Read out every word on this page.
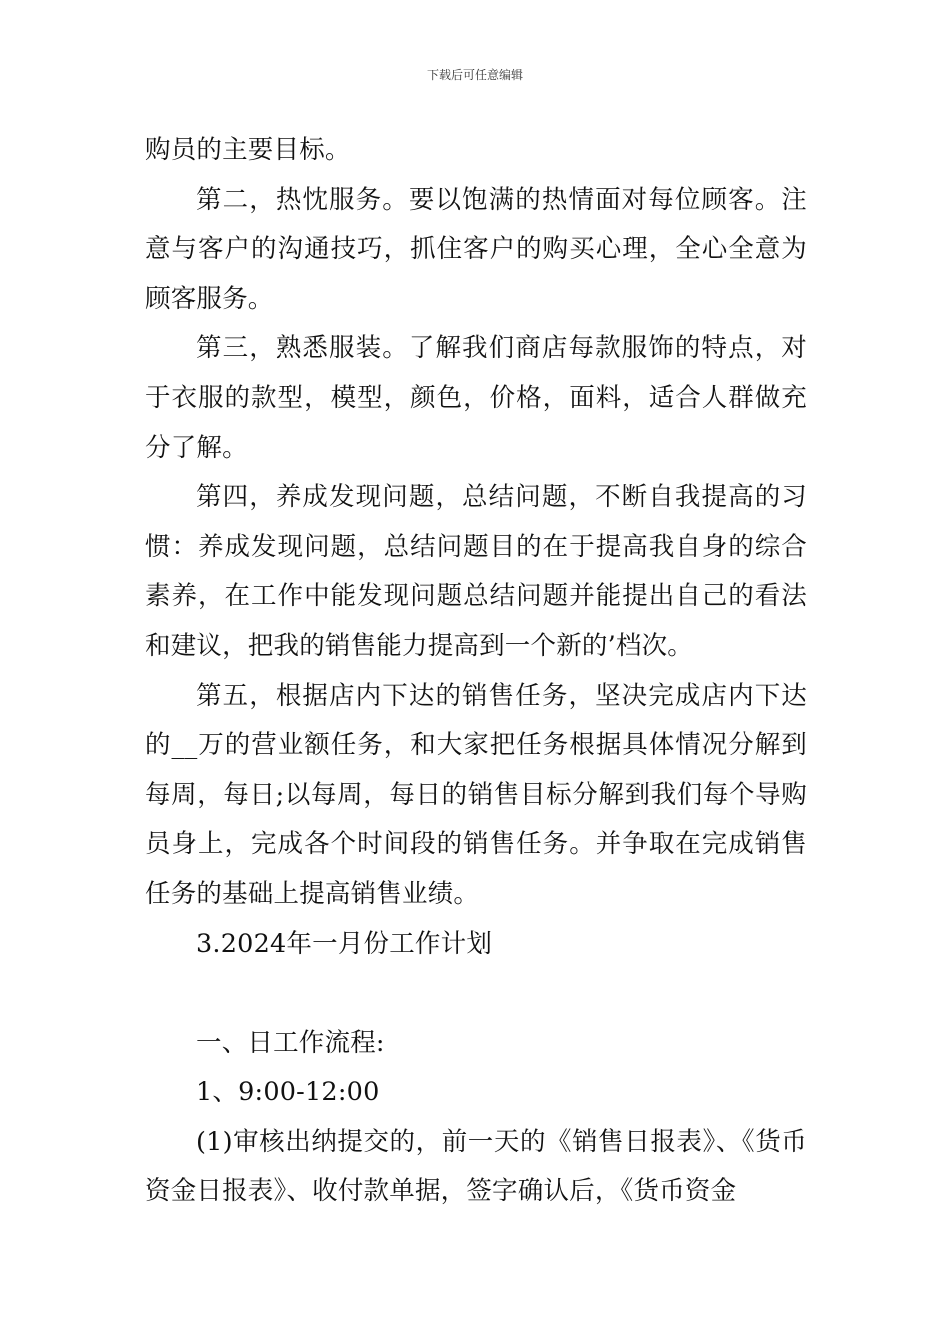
下载后可任意编辑

购员的主要目标。

第二，热忱服务。要以饱满的热情面对每位顾客。注意与客户的沟通技巧，抓住客户的购买心理，全心全意为顾客服务。

第三，熟悉服装。了解我们商店每款服饰的特点，对于衣服的款型，模型，颜色，价格，面料，适合人群做充分了解。

第四，养成发现问题，总结问题，不断自我提高的习惯：养成发现问题，总结问题目的在于提高我自身的综合素养，在工作中能发现问题总结问题并能提出自己的看法和建议，把我的销售能力提高到一个新的’档次。

第五，根据店内下达的销售任务，坚决完成店内下达的__万的营业额任务，和大家把任务根据具体情况分解到每周，每日;以每周，每日的销售目标分解到我们每个导购员身上，完成各个时间段的销售任务。并争取在完成销售任务的基础上提高销售业绩。

3.2024年一月份工作计划

一、日工作流程:

1、9:00-12:00

(1)审核出纳提交的，前一天的《销售日报表》、《货币资金日报表》、收付款单据，签字确认后，《货币资金
